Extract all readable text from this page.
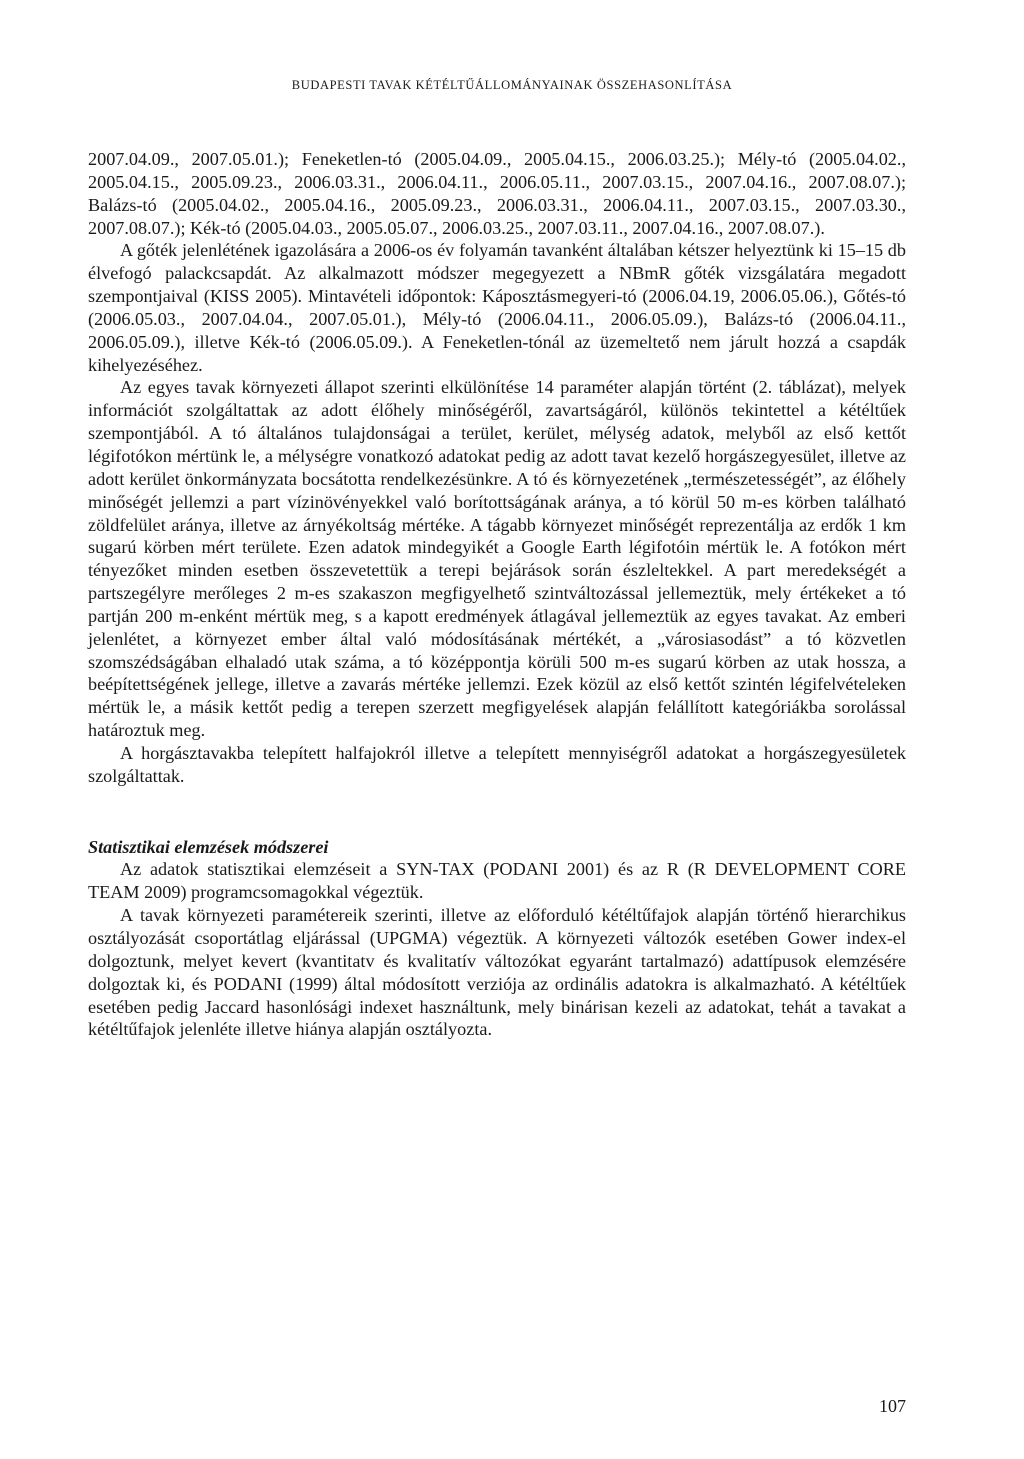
BUDAPESTI TAVAK KÉTÉLTŰÁLLOMÁNYAINAK ÖSSZEHASONLÍTÁSA

2007.04.09., 2007.05.01.); Feneketlen-tó (2005.04.09., 2005.04.15., 2006.03.25.); Mély-tó (2005.04.02., 2005.04.15., 2005.09.23., 2006.03.31., 2006.04.11., 2006.05.11., 2007.03.15., 2007.04.16., 2007.08.07.); Balázs-tó (2005.04.02., 2005.04.16., 2005.09.23., 2006.03.31., 2006.04.11., 2007.03.15., 2007.03.30., 2007.08.07.); Kék-tó (2005.04.03., 2005.05.07., 2006.03.25., 2007.03.11., 2007.04.16., 2007.08.07.).

A gőték jelenlétének igazolására a 2006-os év folyamán tavanként általában kétszer helyeztünk ki 15–15 db élvefogó palackcsapdát. Az alkalmazott módszer megegyezett a NBmR gőték vizsgálatára megadott szempontjaival (KISS 2005). Mintavételi időpontok: Káposztásmegyeri-tó (2006.04.19, 2006.05.06.), Gőtés-tó (2006.05.03., 2007.04.04., 2007.05.01.), Mély-tó (2006.04.11., 2006.05.09.), Balázs-tó (2006.04.11., 2006.05.09.), illetve Kék-tó (2006.05.09.). A Feneketlen-tónál az üzemeltető nem járult hozzá a csapdák kihelyezéséhez.

Az egyes tavak környezeti állapot szerinti elkülönítése 14 paraméter alapján történt (2. táblázat), melyek információt szolgáltattak az adott élőhely minőségéről, zavartságáról, különös tekintettel a kétéltűek szempontjából. A tó általános tulajdonságai a terület, kerület, mélység adatok, melyből az első kettőt légifotókon mértünk le, a mélységre vonatkozó adatokat pedig az adott tavat kezelő horgászegyesület, illetve az adott kerület önkormányzata bocsátotta rendelkezésünkre. A tó és környezetének „természetességét”, az élőhely minőségét jellemzi a part vízinövényekkel való borítottságának aránya, a tó körül 50 m-es körben található zöldfelület aránya, illetve az árnyékoltság mértéke. A tágabb környezet minőségét reprezentálja az erdők 1 km sugarú körben mért területe. Ezen adatok mindegyikét a Google Earth légifotóin mértük le. A fotókon mért tényezőket minden esetben összevetettük a terepi bejárások során észleltekkel. A part meredekségét a partszegélyre merőleges 2 m-es szakaszon megfigyelhető szintváltozással jellemeztük, mely értékeket a tó partján 200 m-enként mértük meg, s a kapott eredmények átlagával jellemeztük az egyes tavakat. Az emberi jelenlétet, a környezet ember által való módosításának mértékét, a „városiasodást” a tó közvetlen szomszédságában elhaladó utak száma, a tó középpontja körüli 500 m-es sugarú körben az utak hossza, a beépítettségének jellege, illetve a zavarás mértéke jellemzi. Ezek közül az első kettőt szintén légifelvételeken mértük le, a másik kettőt pedig a terepen szerzett megfigyelések alapján felállított kategóriákba sorolással határoztuk meg.

A horgásztavakba telepített halfajokról illetve a telepített mennyiségről adatokat a horgászegyesületek szolgáltattak.

Statisztikai elemzések módszerei

Az adatok statisztikai elemzéseit a SYN-TAX (PODANI 2001) és az R (R DEVELOPMENT CORE TEAM 2009) programcsomagokkal végeztük.

A tavak környezeti paramétereik szerinti, illetve az előforduló kétéltűfajok alapján történő hierarchikus osztályozását csoportátlag eljárással (UPGMA) végeztük. A környezeti változók esetében Gower index-el dolgoztunk, melyet kevert (kvantitatv és kvalitatív változókat egyaránt tartalmazó) adattípusok elemzésére dolgoztak ki, és PODANI (1999) által módosított verziója az ordinális adatokra is alkalmazható. A kétéltűek esetében pedig Jaccard hasonlósági indexet használtunk, mely binárisan kezeli az adatokat, tehát a tavakat a kétéltűfajok jelenléte illetve hiánya alapján osztályozta.

107
